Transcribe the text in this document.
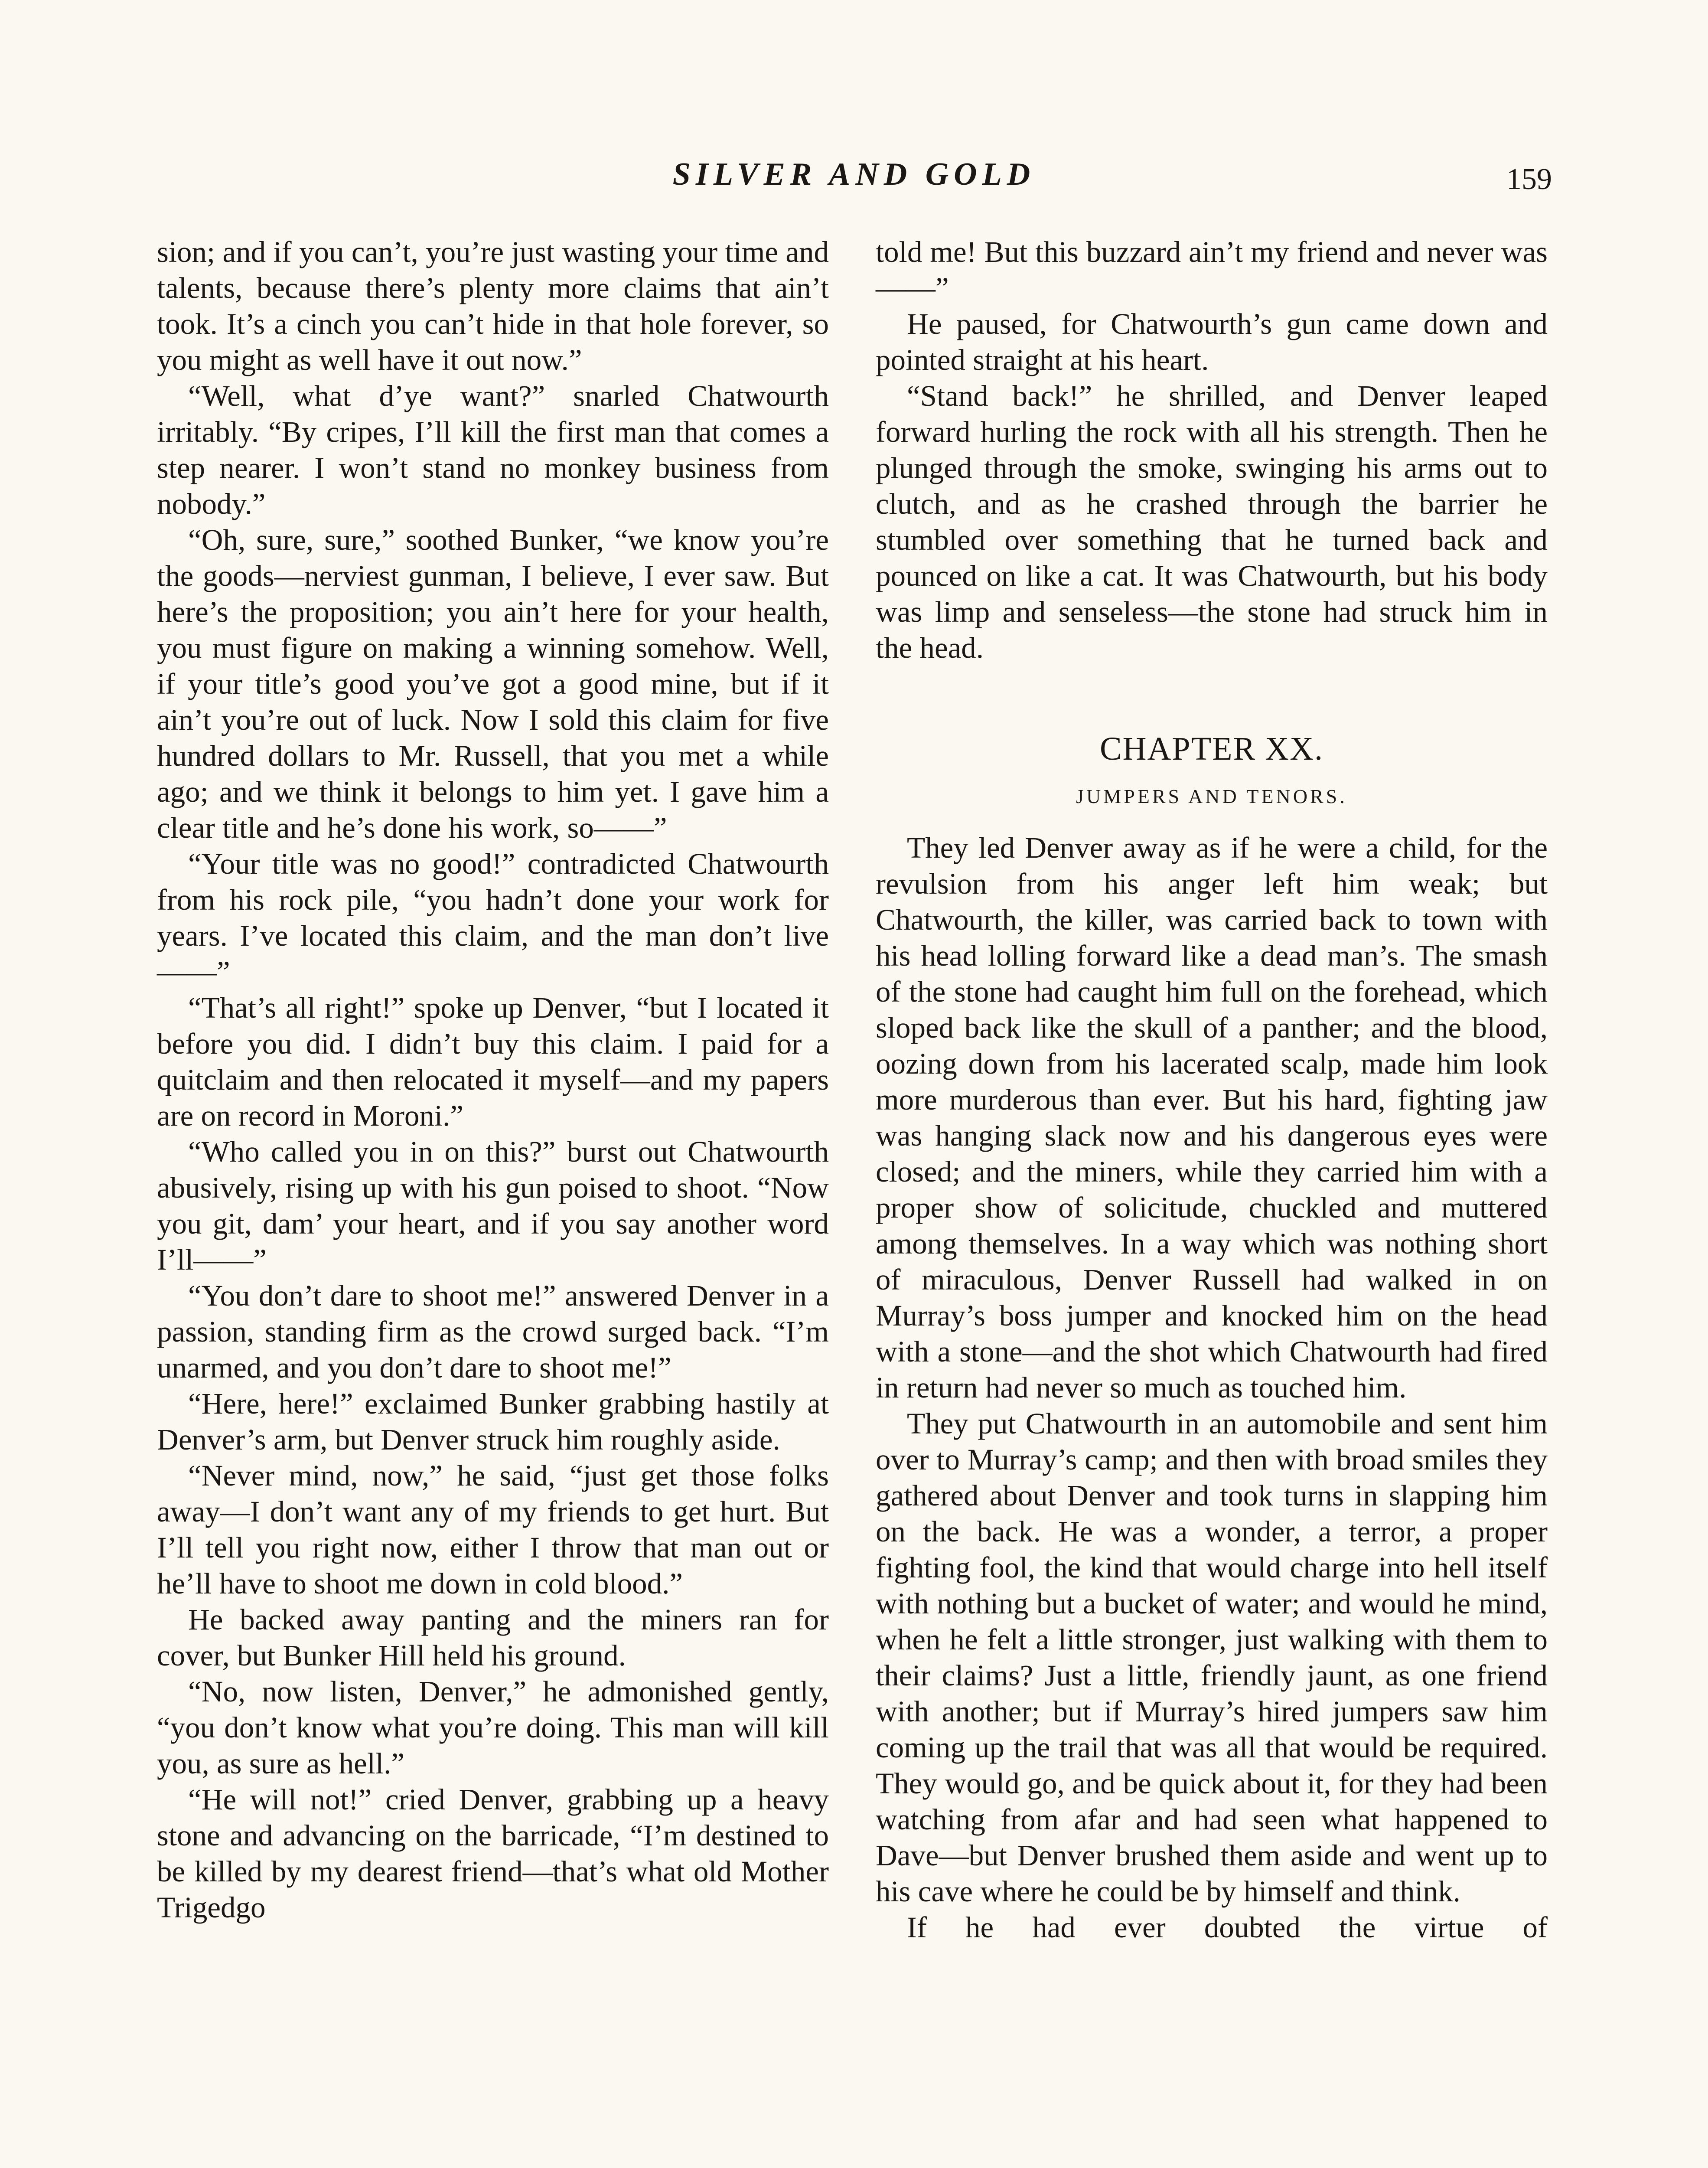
SILVER AND GOLD	159

sion; and if you can’t, you’re just wasting your time and talents, because there’s plenty more claims that ain’t took. It’s a cinch you can’t hide in that hole forever, so you might as well have it out now.”

“Well, what d’ye want?” snarled Chatwourth irritably. “By cripes, I’ll kill the first man that comes a step nearer. I won’t stand no monkey business from nobody.”

“Oh, sure, sure,” soothed Bunker, “we know you’re the goods—nerviest gunman, I believe, I ever saw. But here’s the proposition; you ain’t here for your health, you must figure on making a winning somehow. Well, if your title’s good you’ve got a good mine, but if it ain’t you’re out of luck. Now I sold this claim for five hundred dollars to Mr. Russell, that you met a while ago; and we think it belongs to him yet. I gave him a clear title and he’s done his work, so——”

“Your title was no good!” contradicted Chatwourth from his rock pile, “you hadn’t done your work for years. I’ve located this claim, and the man don’t live——”

“That’s all right!” spoke up Denver, “but I located it before you did. I didn’t buy this claim. I paid for a quitclaim and then relocated it myself—and my papers are on record in Moroni.”

“Who called you in on this?” burst out Chatwourth abusively, rising up with his gun poised to shoot. “Now you git, dam’ your heart, and if you say another word I’ll——”

“You don’t dare to shoot me!” answered Denver in a passion, standing firm as the crowd surged back. “I’m unarmed, and you don’t dare to shoot me!”

“Here, here!” exclaimed Bunker grabbing hastily at Denver’s arm, but Denver struck him roughly aside.

“Never mind, now,” he said, “just get those folks away—I don’t want any of my friends to get hurt. But I’ll tell you right now, either I throw that man out or he’ll have to shoot me down in cold blood.”

He backed away panting and the miners ran for cover, but Bunker Hill held his ground.

“No, now listen, Denver,” he admonished gently, “you don’t know what you’re doing. This man will kill you, as sure as hell.”

“He will not!” cried Denver, grabbing up a heavy stone and advancing on the barricade, “I’m destined to be killed by my dearest friend—that’s what old Mother Trigedgo

told me! But this buzzard ain’t my friend and never was——”

He paused, for Chatwourth’s gun came down and pointed straight at his heart.

“Stand back!” he shrilled, and Denver leaped forward hurling the rock with all his strength. Then he plunged through the smoke, swinging his arms out to clutch, and as he crashed through the barrier he stumbled over something that he turned back and pounced on like a cat. It was Chatwourth, but his body was limp and senseless—the stone had struck him in the head.

CHAPTER XX.
JUMPERS AND TENORS.

They led Denver away as if he were a child, for the revulsion from his anger left him weak; but Chatwourth, the killer, was carried back to town with his head lolling forward like a dead man’s. The smash of the stone had caught him full on the forehead, which sloped back like the skull of a panther; and the blood, oozing down from his lacerated scalp, made him look more murderous than ever. But his hard, fighting jaw was hanging slack now and his dangerous eyes were closed; and the miners, while they carried him with a proper show of solicitude, chuckled and muttered among themselves. In a way which was nothing short of miraculous, Denver Russell had walked in on Murray’s boss jumper and knocked him on the head with a stone—and the shot which Chatwourth had fired in return had never so much as touched him.

They put Chatwourth in an automobile and sent him over to Murray’s camp; and then with broad smiles they gathered about Denver and took turns in slapping him on the back. He was a wonder, a terror, a proper fighting fool, the kind that would charge into hell itself with nothing but a bucket of water; and would he mind, when he felt a little stronger, just walking with them to their claims? Just a little, friendly jaunt, as one friend with another; but if Murray’s hired jumpers saw him coming up the trail that was all that would be required. They would go, and be quick about it, for they had been watching from afar and had seen what happened to Dave—but Denver brushed them aside and went up to his cave where he could be by himself and think.

If he had ever doubted the virtue of
